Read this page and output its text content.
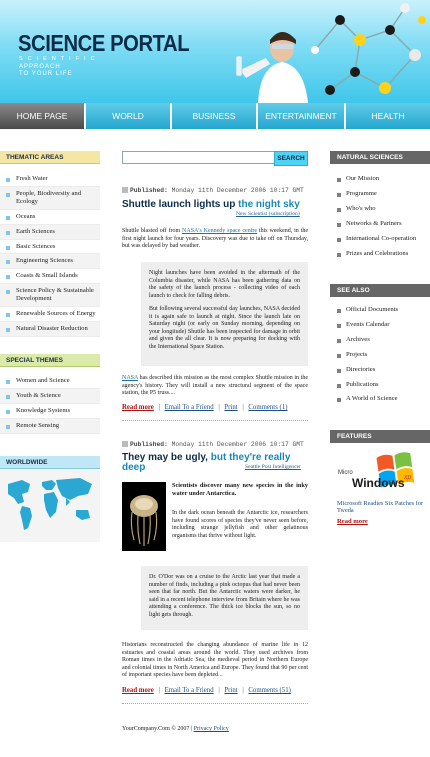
SCIENCE PORTAL
SCIENTIFIC
APPROACH
TO YOUR LIFE
HOME PAGE	WORLD	BUSINESS	ENTERTAINMENT	HEALTH
THEMATIC AREAS
Fresh Water
People, Biodiversity and Ecology
Oceans
Earth Sciences
Basic Sciences
Engineering Sciences
Coasts & Small Islands
Science Policy & Sustainable Development
Renewable Sources of Energy
Natural Disaster Reduction
SPECIAL THEMES
Women and Science
Youth & Science
Knowledge Systems
Remote Sensing
WORLDWIDE
SEARCH
Published: Monday 11th December 2006 10:17 GMT
Shuttle launch lights up the night sky
New Scientist (subscription)
Shuttle blasted off from NASA's Kennedy space centre this weekend, in the first night launch for four years. Discovery was due to take off on Thursday, but was delayed by bad weather.

Night launches have been avoided in the aftermath of the Columbia disaster, while NASA has been gathering data on the safety of the launch process - collecting video of each launch to check for falling debris.

But following several successful day launches, NASA decided it is again safe to launch at night. Since the launch late on Saturday night (or early on Sunday morning, depending on your longitude) Shuttle has been inspected for damage in orbit and given the all clear. It is now preparing for docking with the International Space Station.

NASA has described this mission as the most complex Shuttle mission in the agency's history. They will install a new structural segment of the space station, the P5 truss....
Read more | Email To a Friend | Print | Comments (1)
Published: Monday 11th December 2006 10:17 GMT
They may be ugly, but they're really deep	Seattle Post Intelligencer
Scientists discover many new species in the inky water under Antarctica.
In the dark ocean beneath the Antarctic ice, researchers have found scores of species they've never seen before, including strange jellyfish and other gelatinous organisms that thrive without light.

Dr. O'Dor was on a cruise to the Arctic last year that made a number of finds, including a pink octopus that had never been seen that far north. But the Antarctic waters were darker, he said in a recent telephone interview from Britain where he was attending a conference. The thick ice blocks the sun, so no light gets through.

Historians reconstructed the changing abundance of marine life in 12 estuaries and coastal areas around the world. They used archives from Roman times in the Adriatic Sea, the medieval period in Northern Europe and colonial times in North America and Europe. They found that 90 per cent of important species have been depleted...
Read more | Email To a Friend | Print | Comments (51)
YourCompany.Com © 2007 | Privacy Policy
NATURAL SCIENCES
Our Mission
Programme
Who's who
Networks & Partners
International Co-operation
Prizes and Celebrations
SEE ALSO
Official Documents
Events Calendar
Archives
Projects
Directories
Publications
A World of Science
FEATURES
Micro
Windows xp
Microsoft Readies Six Patches for Tweda
Read more
